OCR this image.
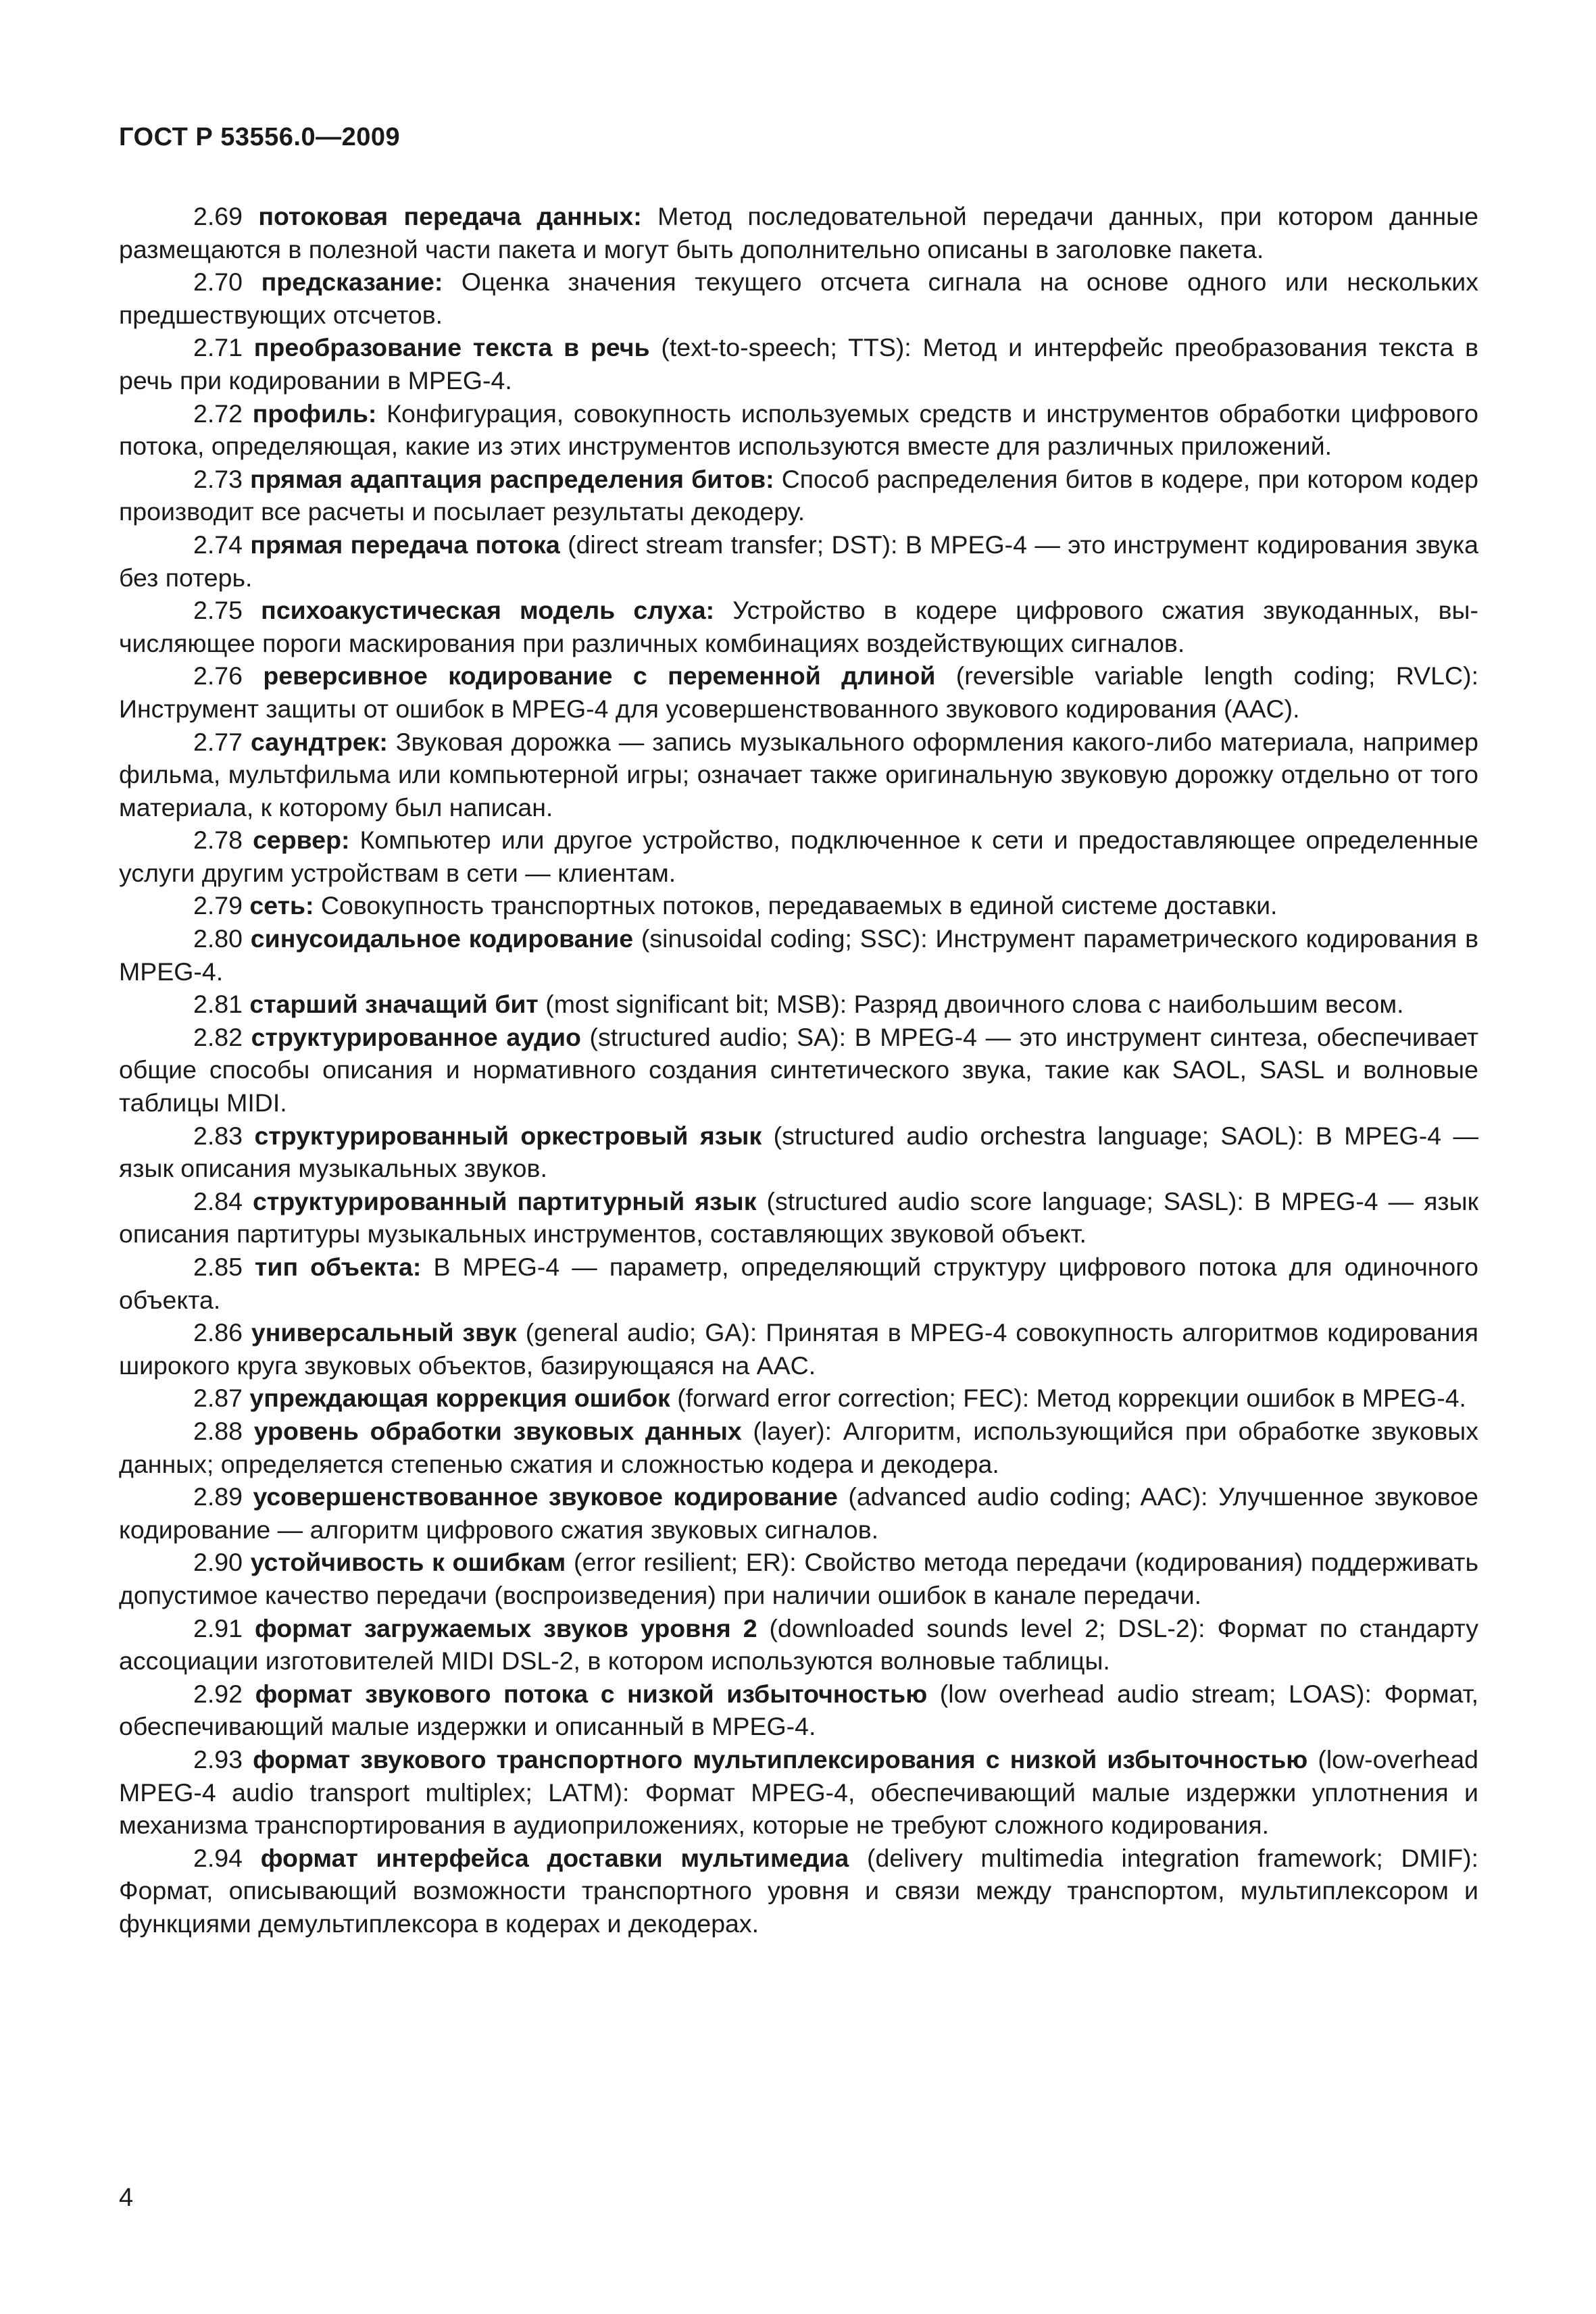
ГОСТ Р 53556.0—2009

2.69 потоковая передача данных: Метод последовательной передачи данных, при котором данные размещаются в полезной части пакета и могут быть дополнительно описаны в заголовке пакета.

2.70 предсказание: Оценка значения текущего отсчета сигнала на основе одного или нескольких предшествующих отсчетов.

2.71 преобразование текста в речь (text-to-speech; TTS): Метод и интерфейс преобразования текста в речь при кодировании в MPEG-4.

2.72 профиль: Конфигурация, совокупность используемых средств и инструментов обработки цифрового потока, определяющая, какие из этих инструментов используются вместе для различных приложений.

2.73 прямая адаптация распределения битов: Способ распределения битов в кодере, при котором кодер производит все расчеты и посылает результаты декодеру.

2.74 прямая передача потока (direct stream transfer; DST): В MPEG-4 — это инструмент кодирования звука без потерь.

2.75 психоакустическая модель слуха: Устройство в кодере цифрового сжатия звукоданных, вычисляющее пороги маскирования при различных комбинациях воздействующих сигналов.

2.76 реверсивное кодирование с переменной длиной (reversible variable length coding; RVLC): Инструмент защиты от ошибок в MPEG-4 для усовершенствованного звукового кодирования (AAC).

2.77 саундтрек: Звуковая дорожка — запись музыкального оформления какого-либо материала, например фильма, мультфильма или компьютерной игры; означает также оригинальную звуковую дорожку отдельно от того материала, к которому был написан.

2.78 сервер: Компьютер или другое устройство, подключенное к сети и предоставляющее определенные услуги другим устройствам в сети — клиентам.

2.79 сеть: Совокупность транспортных потоков, передаваемых в единой системе доставки.

2.80 синусоидальное кодирование (sinusoidal coding; SSC): Инструмент параметрического кодирования в MPEG-4.

2.81 старший значащий бит (most significant bit; MSB): Разряд двоичного слова с наибольшим весом.

2.82 структурированное аудио (structured audio; SA): В MPEG-4 — это инструмент синтеза, обеспечивает общие способы описания и нормативного создания синтетического звука, такие как SAOL, SASL и волновые таблицы MIDI.

2.83 структурированный оркестровый язык (structured audio orchestra language; SAOL): В MPEG-4 — язык описания музыкальных звуков.

2.84 структурированный партитурный язык (structured audio score language; SASL): В MPEG-4 — язык описания партитуры музыкальных инструментов, составляющих звуковой объект.

2.85 тип объекта: В MPEG-4 — параметр, определяющий структуру цифрового потока для одиночного объекта.

2.86 универсальный звук (general audio; GA): Принятая в MPEG-4 совокупность алгоритмов кодирования широкого круга звуковых объектов, базирующаяся на AAC.

2.87 упреждающая коррекция ошибок (forward error correction; FEC): Метод коррекции ошибок в MPEG-4.

2.88 уровень обработки звуковых данных (layer): Алгоритм, использующийся при обработке звуковых данных; определяется степенью сжатия и сложностью кодера и декодера.

2.89 усовершенствованное звуковое кодирование (advanced audio coding; AAC): Улучшенное звуковое кодирование — алгоритм цифрового сжатия звуковых сигналов.

2.90 устойчивость к ошибкам (error resilient; ER): Свойство метода передачи (кодирования) поддерживать допустимое качество передачи (воспроизведения) при наличии ошибок в канале передачи.

2.91 формат загружаемых звуков уровня 2 (downloaded sounds level 2; DSL-2): Формат по стандарту ассоциации изготовителей MIDI DSL-2, в котором используются волновые таблицы.

2.92 формат звукового потока с низкой избыточностью (low overhead audio stream; LOAS): Формат, обеспечивающий малые издержки и описанный в MPEG-4.

2.93 формат звукового транспортного мультиплексирования с низкой избыточностью (low-overhead MPEG-4 audio transport multiplex; LATM): Формат MPEG-4, обеспечивающий малые издержки уплотнения и механизма транспортирования в аудиоприложениях, которые не требуют сложного кодирования.

2.94 формат интерфейса доставки мультимедиа (delivery multimedia integration framework; DMIF): Формат, описывающий возможности транспортного уровня и связи между транспортом, мультиплексором и функциями демультиплексора в кодерах и декодерах.

4
